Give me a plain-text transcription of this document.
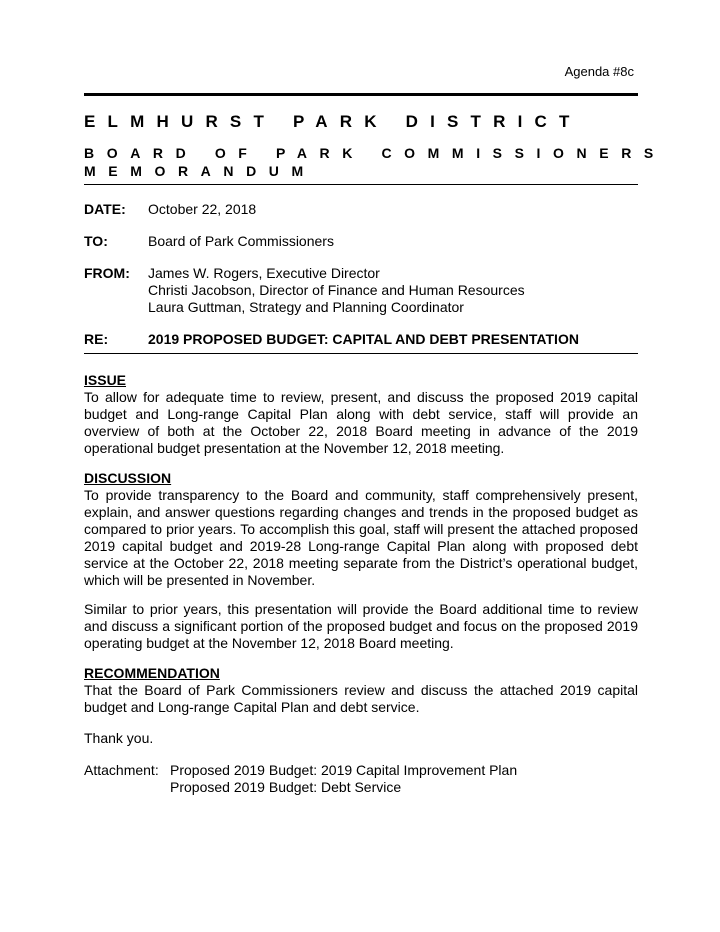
Agenda #8c
ELMHURST PARK DISTRICT
BOARD OF PARK COMMISSIONERS
MEMORANDUM
DATE: October 22, 2018
TO:	Board of Park Commissioners
FROM: James W. Rogers, Executive Director
Christi Jacobson, Director of Finance and Human Resources
Laura Guttman, Strategy and Planning Coordinator
RE:	2019 PROPOSED BUDGET: CAPITAL AND DEBT PRESENTATION
ISSUE
To allow for adequate time to review, present, and discuss the proposed 2019 capital budget and Long-range Capital Plan along with debt service, staff will provide an overview of both at the October 22, 2018 Board meeting in advance of the 2019 operational budget presentation at the November 12, 2018 meeting.
DISCUSSION
To provide transparency to the Board and community, staff comprehensively present, explain, and answer questions regarding changes and trends in the proposed budget as compared to prior years. To accomplish this goal, staff will present the attached proposed 2019 capital budget and 2019-28 Long-range Capital Plan along with proposed debt service at the October 22, 2018 meeting separate from the District’s operational budget, which will be presented in November.
Similar to prior years, this presentation will provide the Board additional time to review and discuss a significant portion of the proposed budget and focus on the proposed 2019 operating budget at the November 12, 2018 Board meeting.
RECOMMENDATION
That the Board of Park Commissioners review and discuss the attached 2019 capital budget and Long-range Capital Plan and debt service.
Thank you.
Attachment: Proposed 2019 Budget: 2019 Capital Improvement Plan
Proposed 2019 Budget: Debt Service
